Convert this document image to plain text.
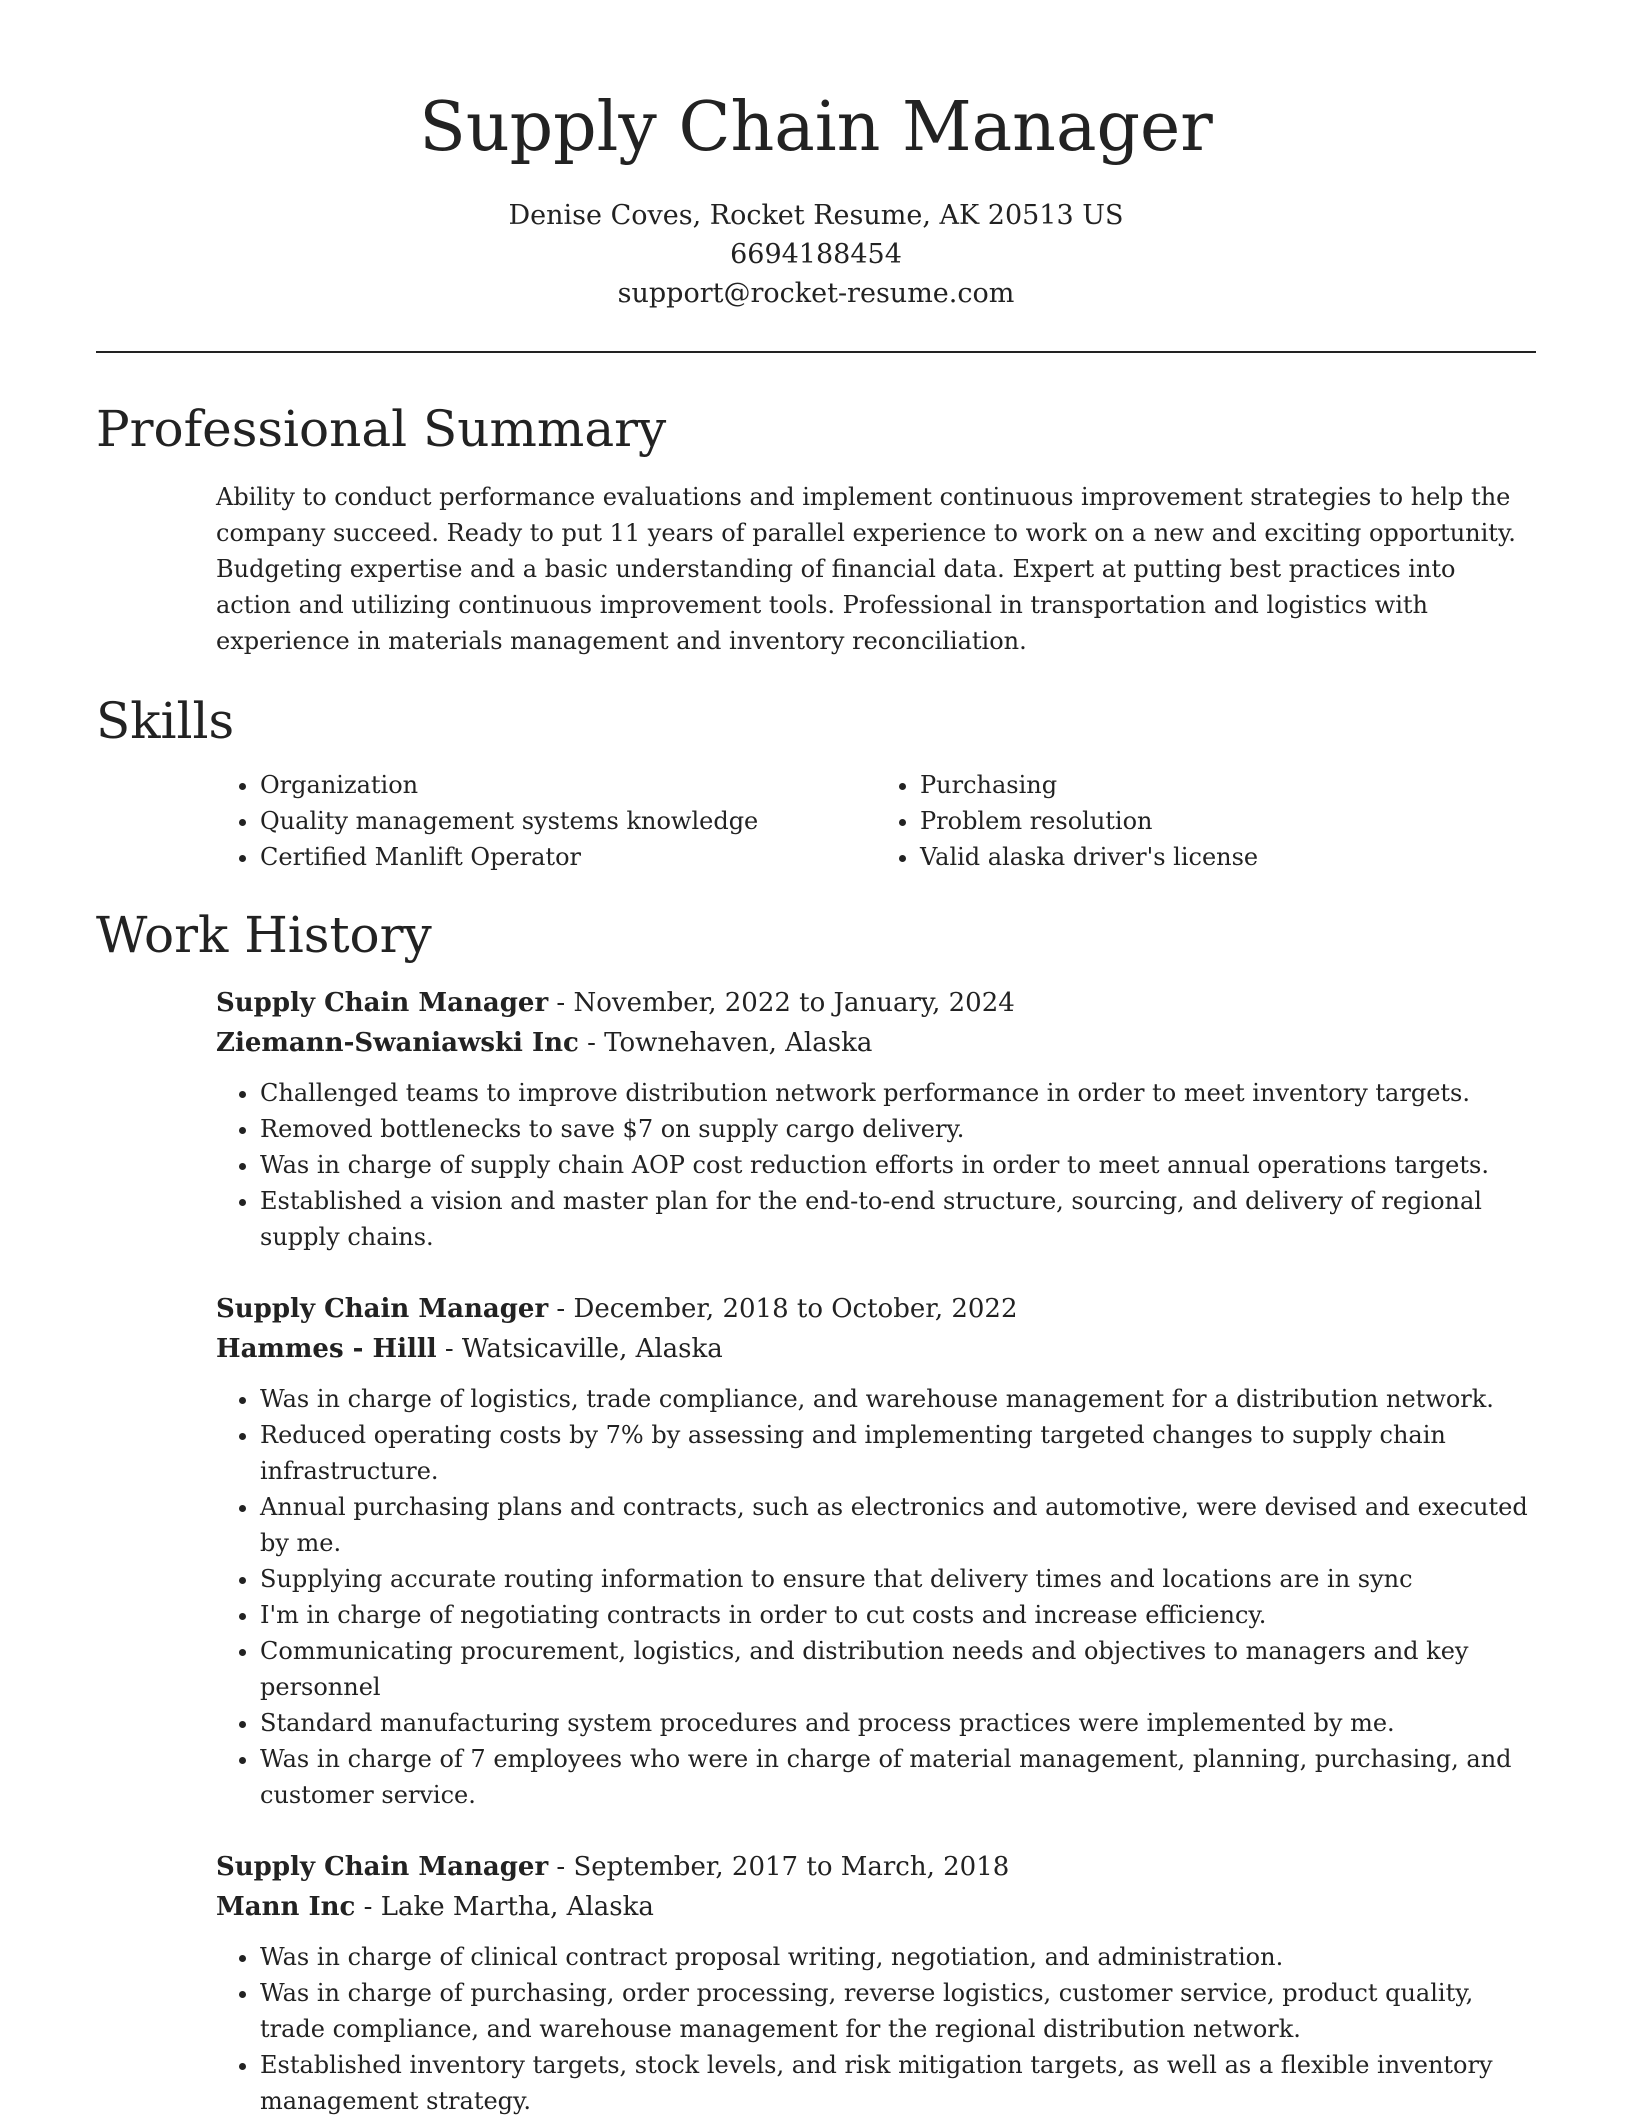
Supply Chain Manager
Denise Coves, Rocket Resume, AK 20513 US
6694188454
support@rocket-resume.com
Professional Summary

Ability to conduct performance evaluations and implement continuous improvement strategies to help the company succeed. Ready to put 11 years of parallel experience to work on a new and exciting opportunity. Budgeting expertise and a basic understanding of financial data. Expert at putting best practices into action and utilizing continuous improvement tools. Professional in transportation and logistics with experience in materials management and inventory reconciliation.

Skills
• Organization
• Quality management systems knowledge
• Certified Manlift Operator
• Purchasing
• Problem resolution
• Valid alaska driver's license
Work History
Supply Chain Manager - November, 2022 to January, 2024
Ziemann-Swaniawski Inc - Townehaven, Alaska
• Challenged teams to improve distribution network performance in order to meet inventory targets.
• Removed bottlenecks to save $7 on supply cargo delivery.
• Was in charge of supply chain AOP cost reduction efforts in order to meet annual operations targets.
• Established a vision and master plan for the end-to-end structure, sourcing, and delivery of regional supply chains.
Supply Chain Manager - December, 2018 to October, 2022
Hammes - Hilll - Watsicaville, Alaska
• Was in charge of logistics, trade compliance, and warehouse management for a distribution network.
• Reduced operating costs by 7% by assessing and implementing targeted changes to supply chain infrastructure.
• Annual purchasing plans and contracts, such as electronics and automotive, were devised and executed by me.
• Supplying accurate routing information to ensure that delivery times and locations are in sync
• I'm in charge of negotiating contracts in order to cut costs and increase efficiency.
• Communicating procurement, logistics, and distribution needs and objectives to managers and key personnel
• Standard manufacturing system procedures and process practices were implemented by me.
• Was in charge of 7 employees who were in charge of material management, planning, purchasing, and customer service.
Supply Chain Manager - September, 2017 to March, 2018
Mann Inc - Lake Martha, Alaska
• Was in charge of clinical contract proposal writing, negotiation, and administration.
• Was in charge of purchasing, order processing, reverse logistics, customer service, product quality, trade compliance, and warehouse management for the regional distribution network.
• Established inventory targets, stock levels, and risk mitigation targets, as well as a flexible inventory management strategy.
